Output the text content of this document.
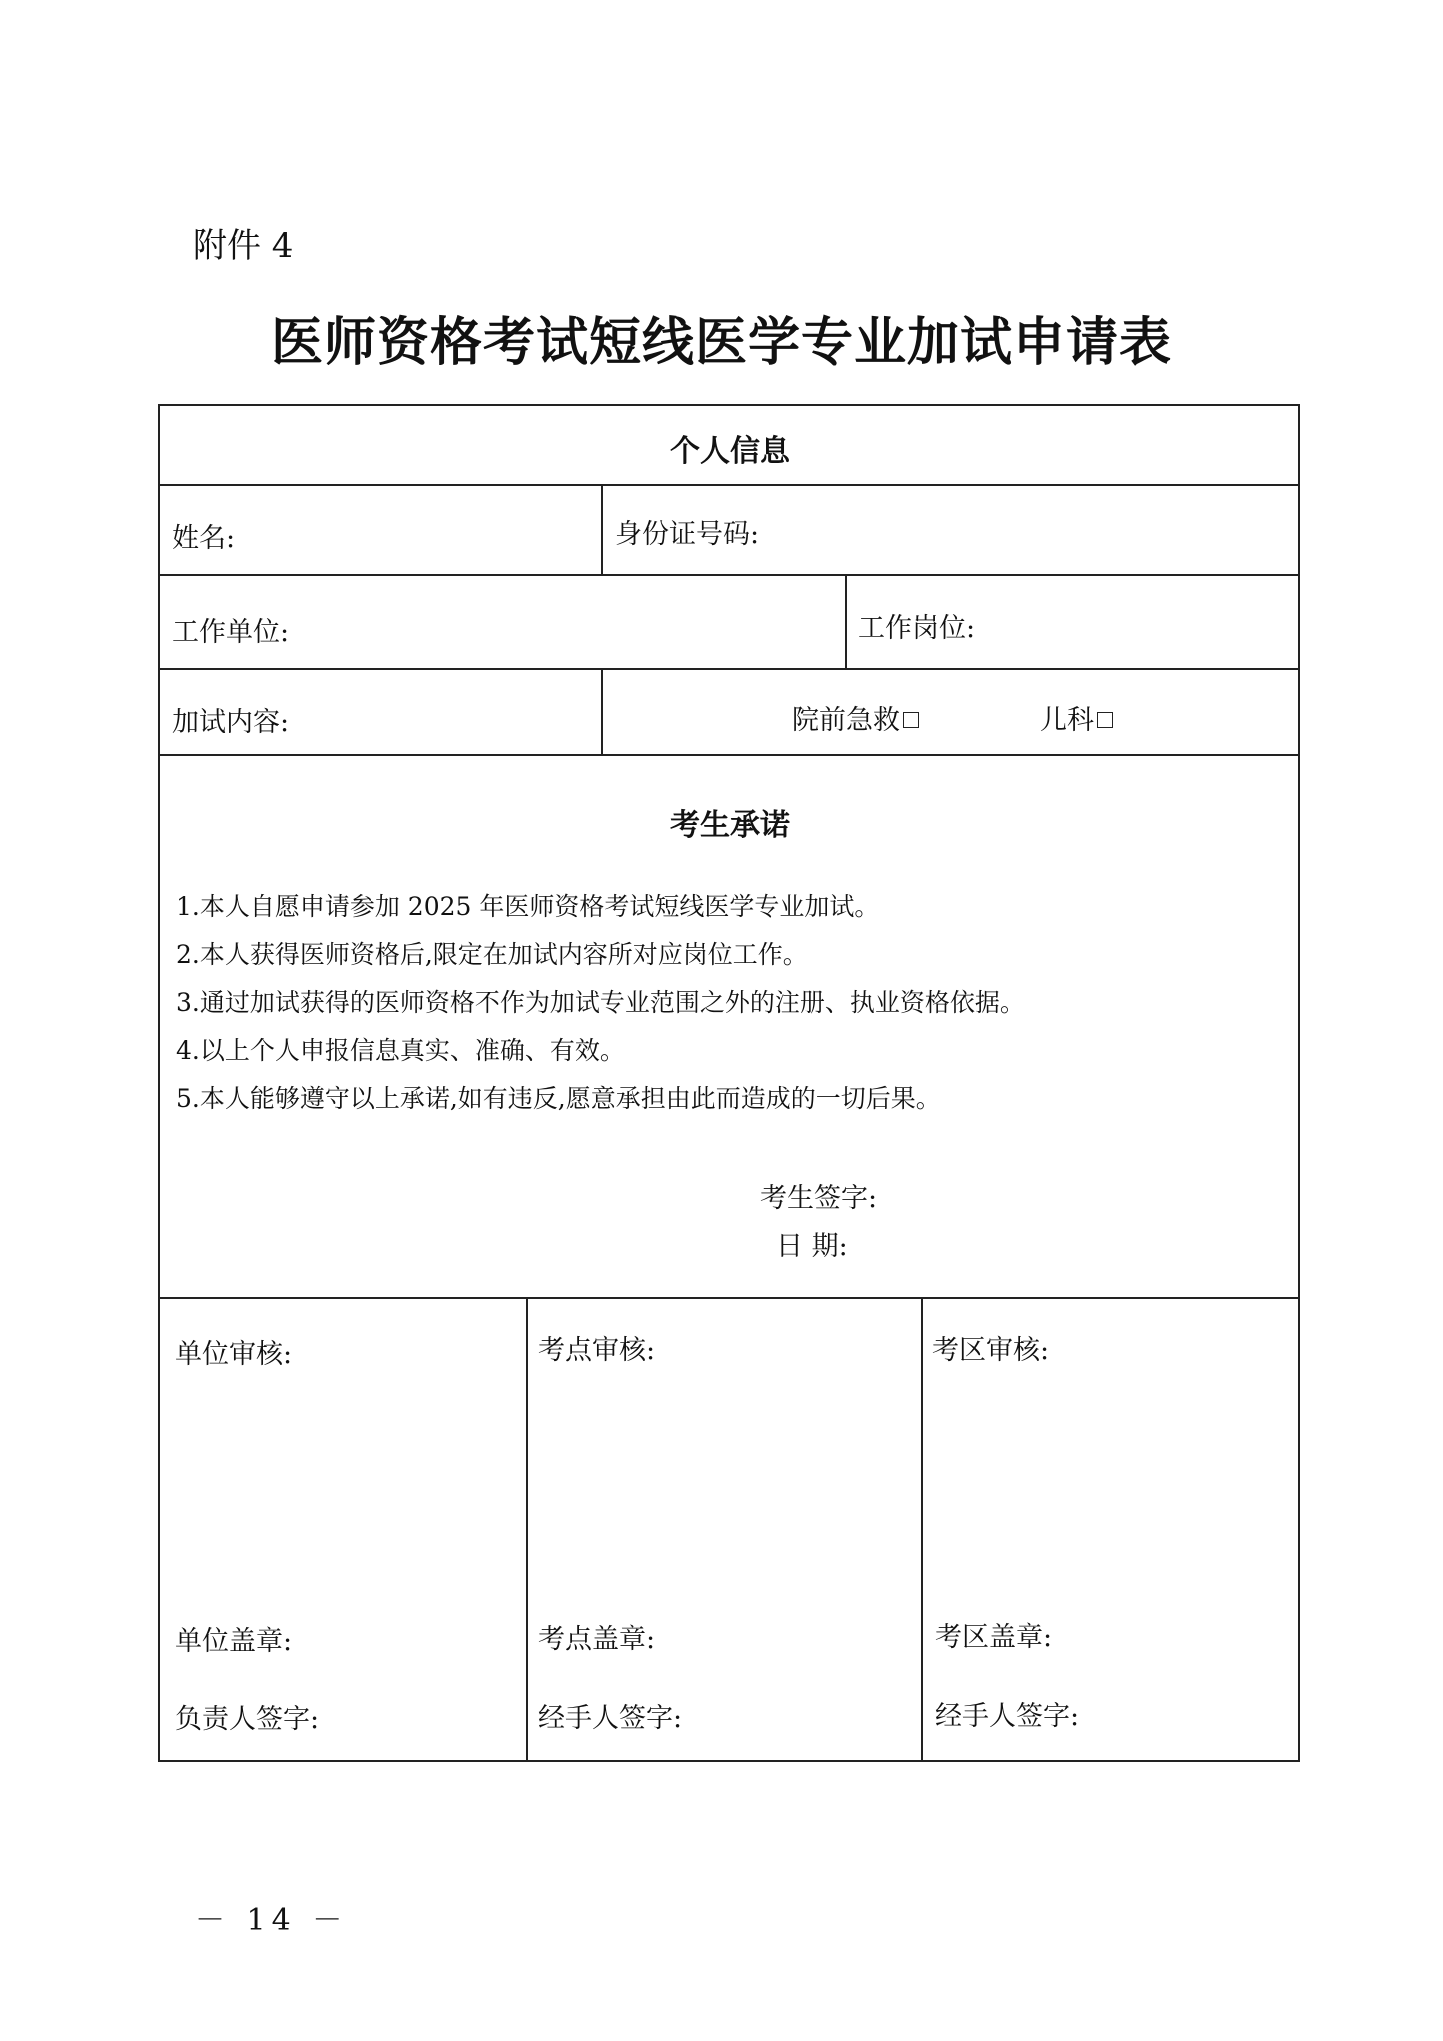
附件 4
医师资格考试短线医学专业加试申请表
个人信息
姓名:	身份证号码:
工作单位:	工作岗位:
加试内容:	院前急救	儿科
考生承诺
考生签字:
日 期:
单位审核:	考点审核:	考区审核:
单位盖章:	考点盖章:	考区盖章:
负责人签字:	经手人签字:	经手人签字:
1.本人自愿申请参加 2025 年医师资格考试短线医学专业加试。
2.本人获得医师资格后,限定在加试内容所对应岗位工作。
3.通过加试获得的医师资格不作为加试专业范围之外的注册、执业资格依据。
4.以上个人申报信息真实、准确、有效。
5.本人能够遵守以上承诺,如有违反,愿意承担由此而造成的一切后果。
－ 14 －
